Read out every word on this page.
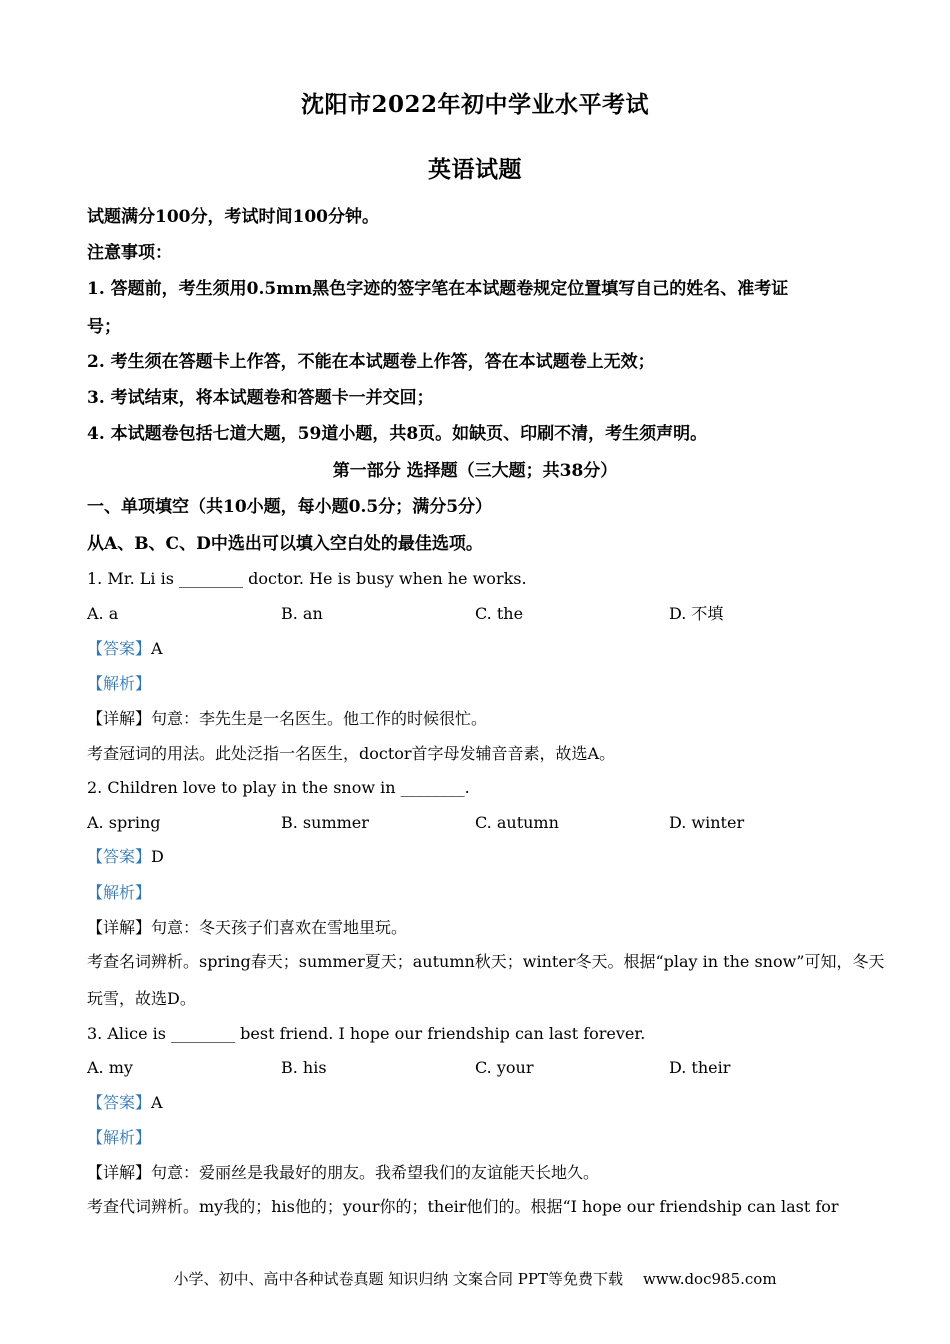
沈阳市2022年初中学业水平考试
英语试题
试题满分100分，考试时间100分钟。
注意事项：
1. 答题前，考生须用0.5mm黑色字迹的签字笔在本试题卷规定位置填写自己的姓名、准考证
号；
2. 考生须在答题卡上作答，不能在本试题卷上作答，答在本试题卷上无效；
3. 考试结束，将本试题卷和答题卡一并交回；
4. 本试题卷包括七道大题，59道小题，共8页。如缺页、印刷不清，考生须声明。
第一部分 选择题（三大题；共38分）
一、单项填空（共10小题，每小题0.5分；满分5分）
从A、B、C、D中选出可以填入空白处的最佳选项。
1. Mr. Li is ________ doctor. He is busy when he works.
A. a	B. an	C. the	D. 不填
【答案】A
【解析】
【详解】句意：李先生是一名医生。他工作的时候很忙。
考查冠词的用法。此处泛指一名医生，doctor首字母发辅音音素，故选A。
2. Children love to play in the snow in ________.
A. spring	B. summer	C. autumn	D. winter
【答案】D
【解析】
【详解】句意：冬天孩子们喜欢在雪地里玩。
考查名词辨析。spring春天；summer夏天；autumn秋天；winter冬天。根据“play in the snow”可知，冬天
玩雪，故选D。
3. Alice is ________ best friend. I hope our friendship can last forever.
A. my	B. his	C. your	D. their
【答案】A
【解析】
【详解】句意：爱丽丝是我最好的朋友。我希望我们的友谊能天长地久。
考查代词辨析。my我的；his他的；your你的；their他们的。根据“I hope our friendship can last for
小学、初中、高中各种试卷真题 知识归纳 文案合同 PPT等免费下载 www.doc985.com
